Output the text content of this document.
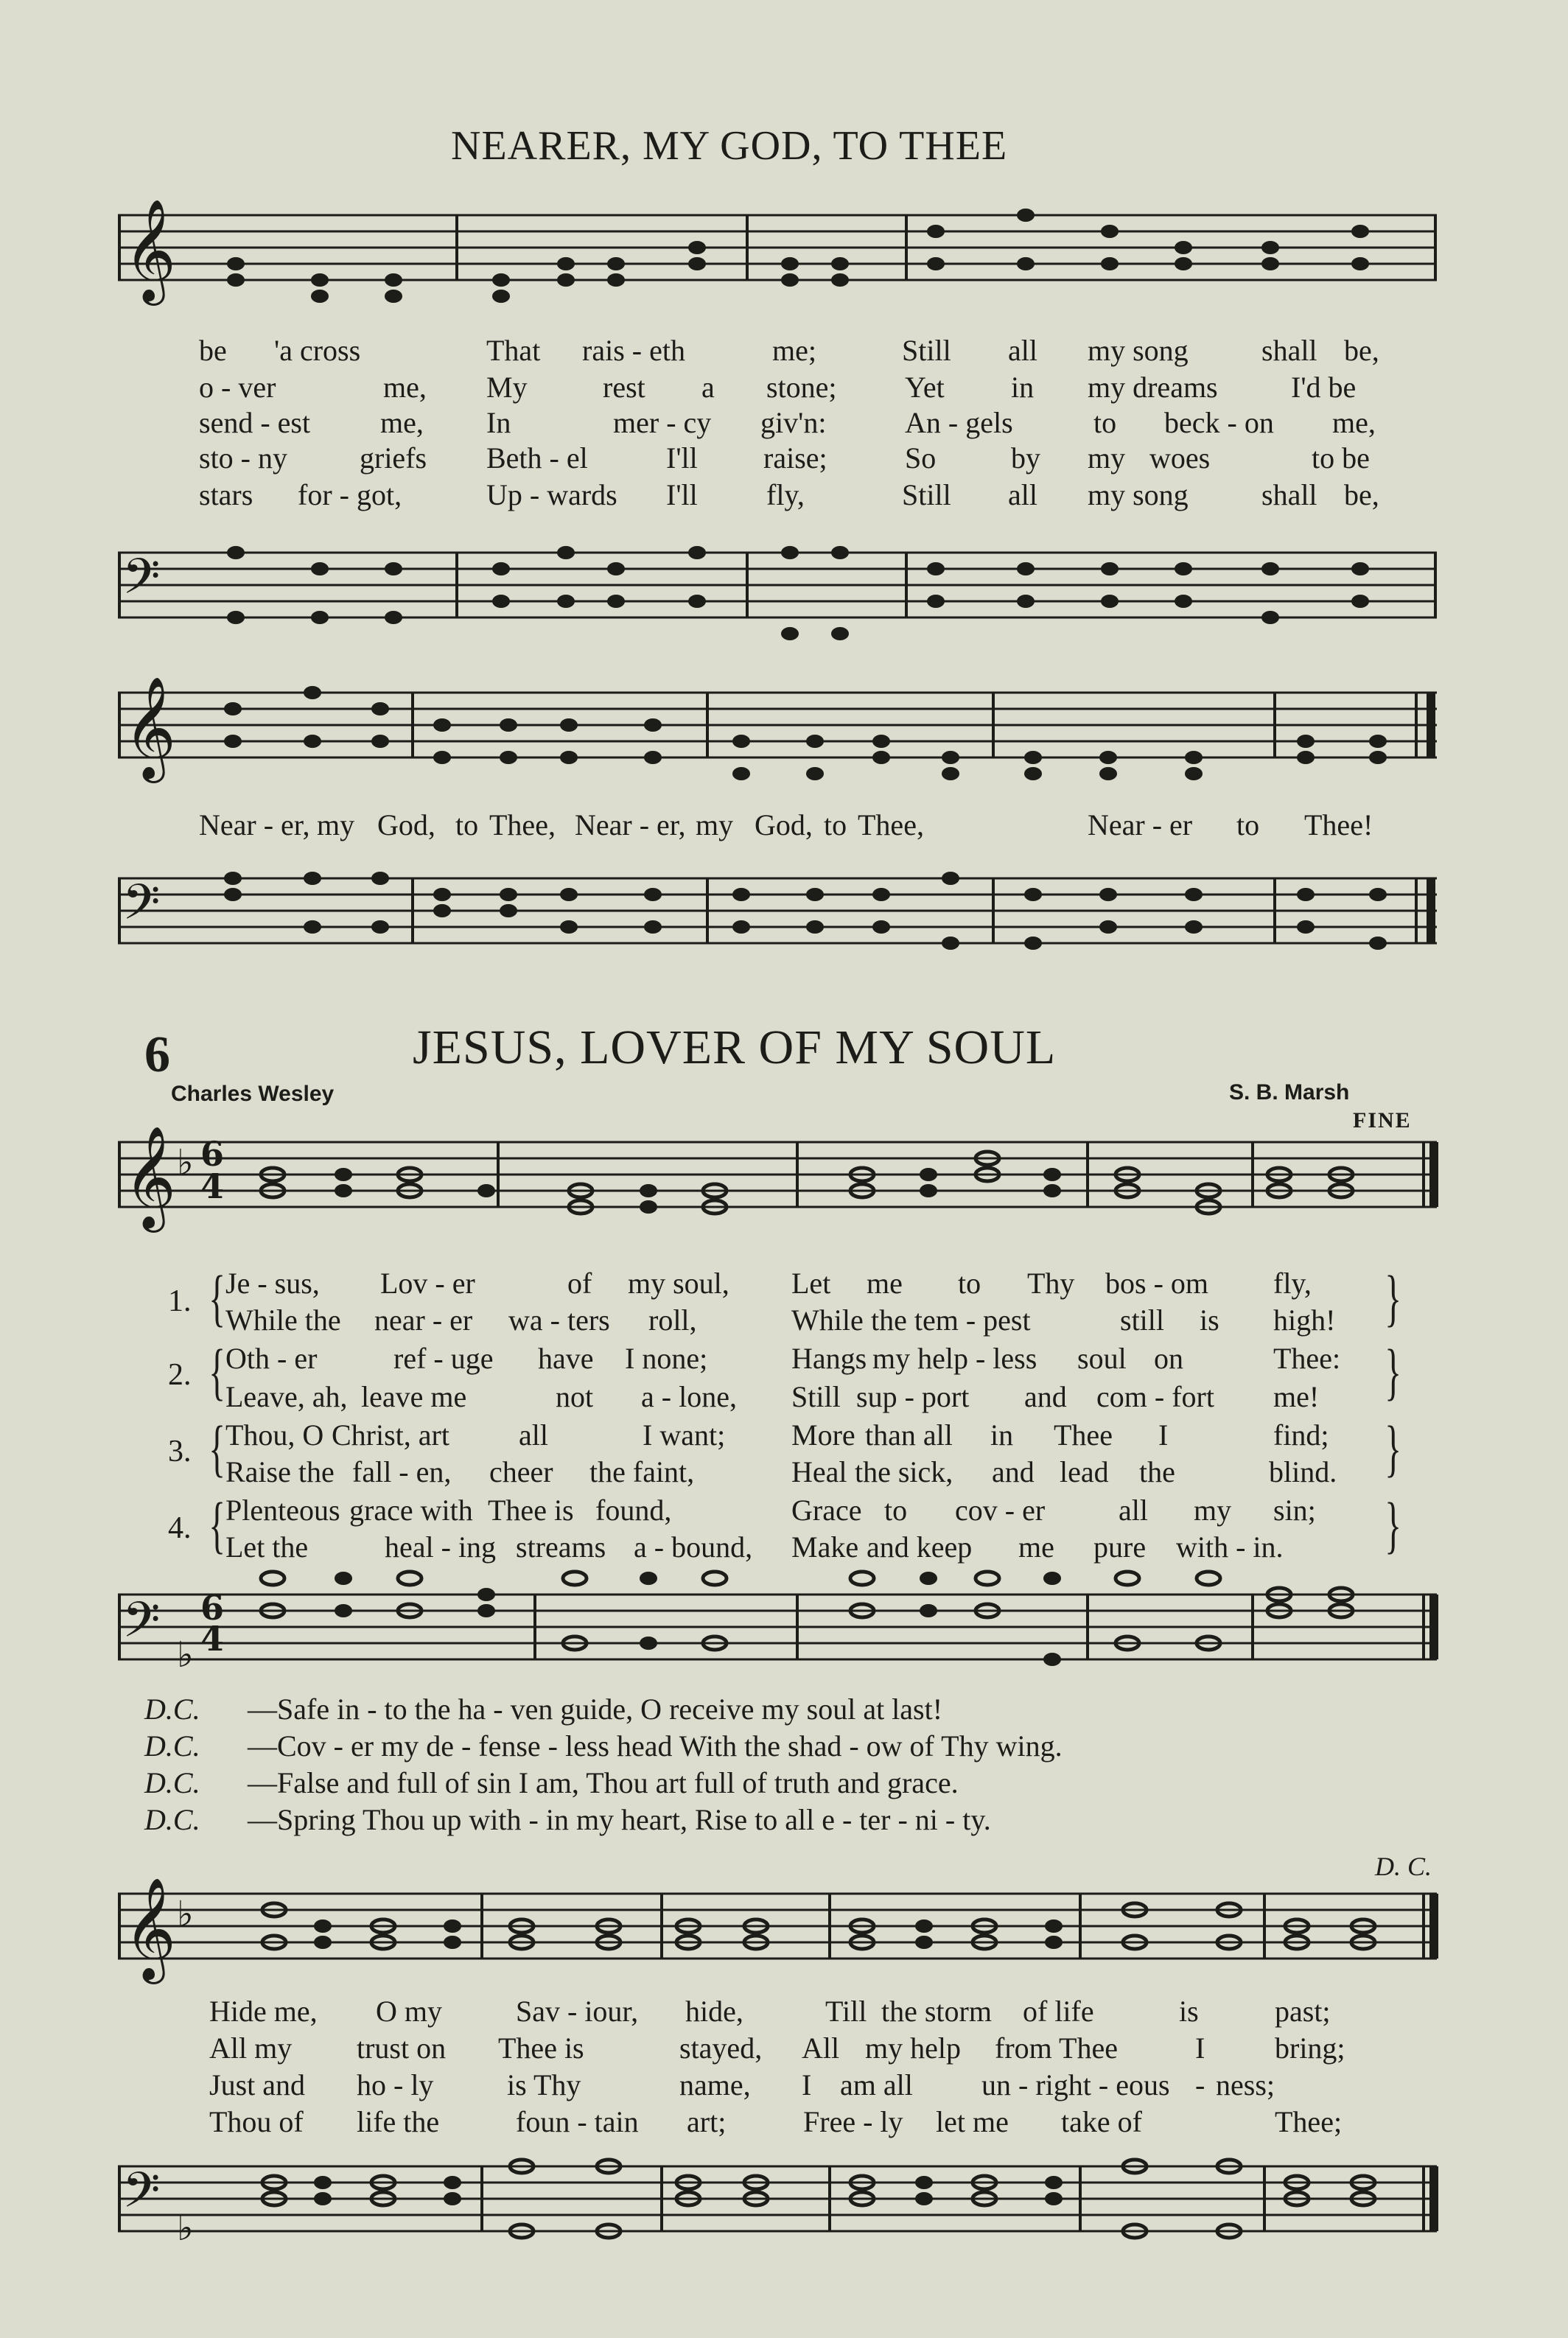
NEARER, MY GOD, TO THEE
𝄞
be 'a cross	That rais - eth	me;	Still all my song shall be,
o - ver	me, My	rest a stone; Yet in my dreams I'd be
send - est me, In	mer - cy giv'n:	An - gels	to beck - on me,
sto - ny griefs Beth - el	I'll raise;	So	by my woes	to be
stars for - got,	Up - wards I'll fly,	Still all my song shall be,
𝄢
𝄞
Near - er, my God, to Thee, Near - er, my God, to Thee,	Near - er to Thee!
𝄢
6	JESUS, LOVER OF MY SOUL
Charles Wesley	S. B. Marsh
FINE
𝄞 ♭ 6
4
1.
2.
3.
4.
{
{
{
{
}
}
}
}
Je - sus, Lov - er	of my soul, Let me to Thy bos - om fly,
While the near - er wa - ters roll,	While the tem - pest	still is high!
Oth - er	ref - uge have I none;	Hangs my help - less soul on	Thee:
Leave, ah, leave me	not a - lone, Still sup - port and com - fort me!
Thou, O Christ, art all	I want; More than all in Thee I	find;
Raise the fall - en, cheer the faint,	Heal the sick, and lead the	blind.
Plenteous grace with Thee is found,	Grace to cov - er all my sin;
Let the	heal - ing streams a - bound, Make and keep me pure with - in.
𝄢 ♭
6
4
D.C. —Safe in - to the ha - ven guide, O receive my soul at last!
D.C. —Cov - er my de - fense - less head With the shad - ow of Thy wing.
D.C. —False and full of sin I am, Thou art full of truth and grace.
D.C. —Spring Thou up with - in my heart, Rise to all e - ter - ni - ty.
D. C.
𝄞 ♭
Hide me, O my	Sav - iour, hide,	Till the storm of life	is	past;
All my trust on Thee is	stayed, All my help from Thee	I bring;
Just and ho - ly is Thy	name, I am all un - right - eous - ness;
Thou of life the	foun - tain art;	Free - ly let me take of	Thee;
𝄢 ♭
